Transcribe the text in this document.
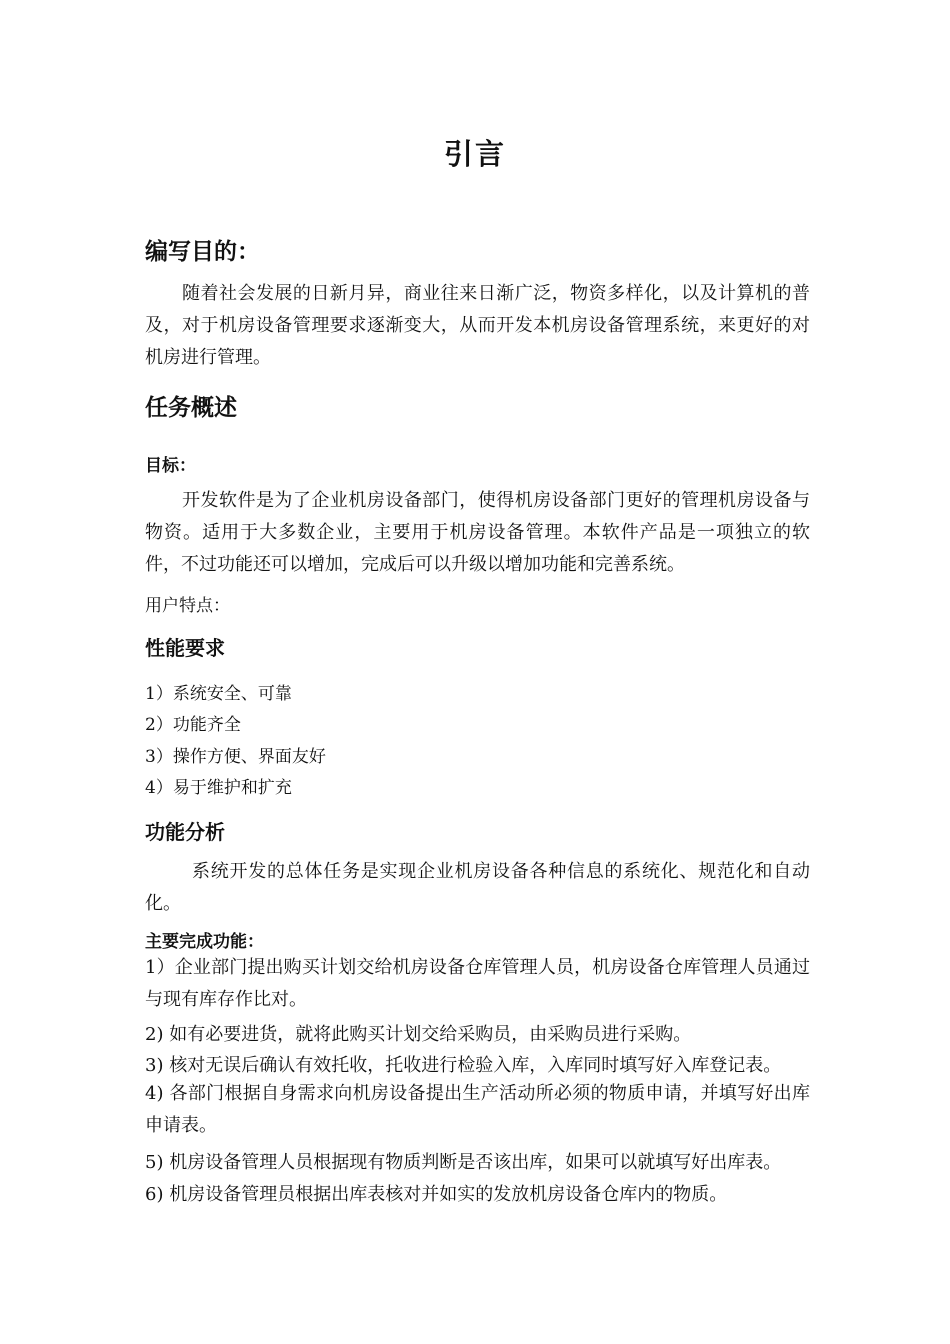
引言
编写目的：
随着社会发展的日新月异，商业往来日渐广泛，物资多样化，以及计算机的普及，对于机房设备管理要求逐渐变大，从而开发本机房设备管理系统，来更好的对机房进行管理。
任务概述
目标：
开发软件是为了企业机房设备部门，使得机房设备部门更好的管理机房设备与物资。适用于大多数企业，主要用于机房设备管理。本软件产品是一项独立的软件，不过功能还可以增加，完成后可以升级以增加功能和完善系统。
用户特点：
性能要求
1）系统安全、可靠
2）功能齐全
3）操作方便、界面友好
4）易于维护和扩充
功能分析
系统开发的总体任务是实现企业机房设备各种信息的系统化、规范化和自动化。
主要完成功能：
1）企业部门提出购买计划交给机房设备仓库管理人员，机房设备仓库管理人员通过与现有库存作比对。
2) 如有必要进货，就将此购买计划交给采购员，由采购员进行采购。
3) 核对无误后确认有效托收，托收进行检验入库，入库同时填写好入库登记表。
4) 各部门根据自身需求向机房设备提出生产活动所必须的物质申请，并填写好出库申请表。
5) 机房设备管理人员根据现有物质判断是否该出库，如果可以就填写好出库表。
6) 机房设备管理员根据出库表核对并如实的发放机房设备仓库内的物质。
